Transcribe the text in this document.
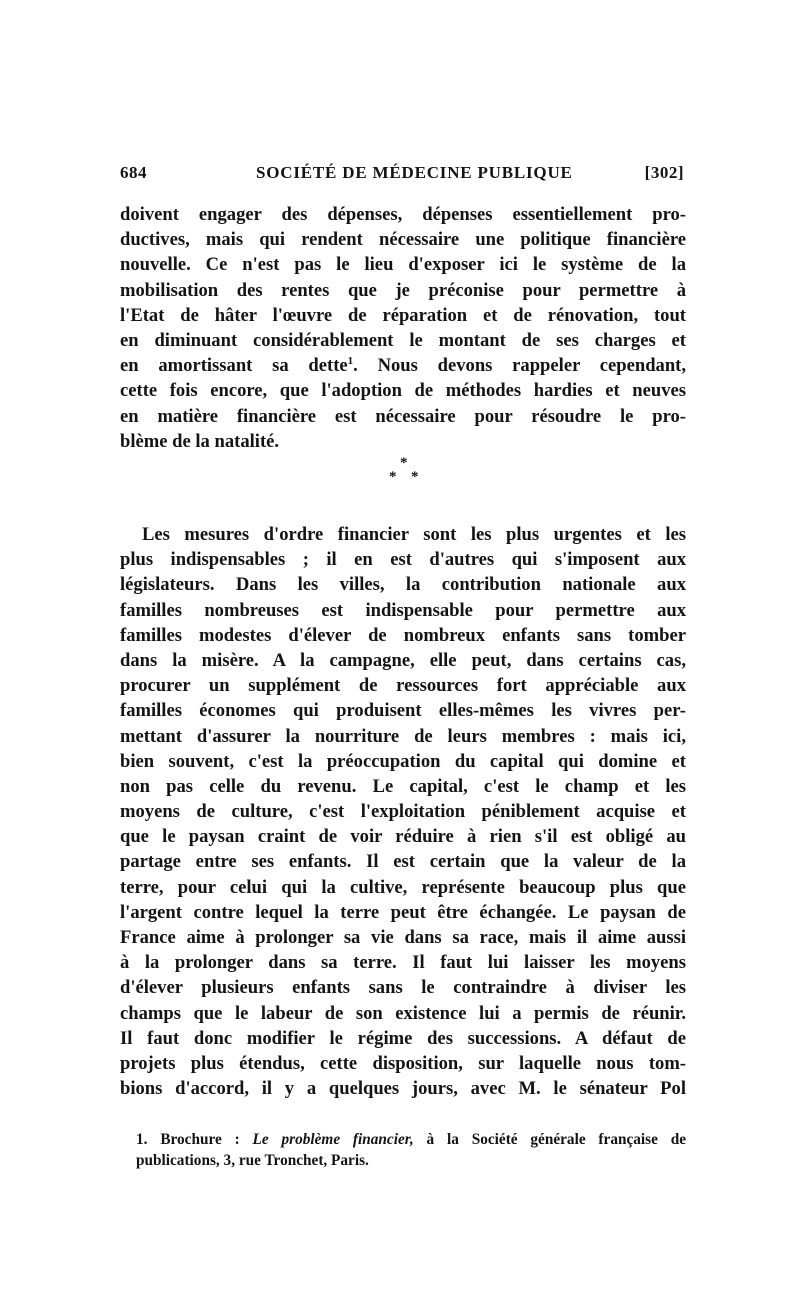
684	SOCIÉTÉ DE MÉDECINE PUBLIQUE	[302]
doivent engager des dépenses, dépenses essentiellement pro-
ductives, mais qui rendent nécessaire une politique financière
nouvelle. Ce n'est pas le lieu d'exposer ici le système de la
mobilisation des rentes que je préconise pour permettre à
l'Etat de hâter l'œuvre de réparation et de rénovation, tout
en diminuant considérablement le montant de ses charges et
en amortissant sa dette$^1$. Nous devons rappeler cependant,
cette fois encore, que l'adoption de méthodes hardies et neuves
en matière financière est nécessaire pour résoudre le pro-
blème de la natalité.
*
* *
Les mesures d'ordre financier sont les plus urgentes et les
plus indispensables ; il en est d'autres qui s'imposent aux
législateurs. Dans les villes, la contribution nationale aux
familles nombreuses est indispensable pour permettre aux
familles modestes d'élever de nombreux enfants sans tomber
dans la misère. A la campagne, elle peut, dans certains cas,
procurer un supplément de ressources fort appréciable aux
familles économes qui produisent elles-mêmes les vivres per-
mettant d'assurer la nourriture de leurs membres : mais ici,
bien souvent, c'est la préoccupation du capital qui domine et
non pas celle du revenu. Le capital, c'est le champ et les
moyens de culture, c'est l'exploitation péniblement acquise et
que le paysan craint de voir réduire à rien s'il est obligé au
partage entre ses enfants. Il est certain que la valeur de la
terre, pour celui qui la cultive, représente beaucoup plus que
l'argent contre lequel la terre peut être échangée. Le paysan de
France aime à prolonger sa vie dans sa race, mais il aime aussi
à la prolonger dans sa terre. Il faut lui laisser les moyens
d'élever plusieurs enfants sans le contraindre à diviser les
champs que le labeur de son existence lui a permis de réunir.
Il faut donc modifier le régime des successions. A défaut de
projets plus étendus, cette disposition, sur laquelle nous tom-
bions d'accord, il y a quelques jours, avec M. le sénateur Pol
1. Brochure : Le problème financier, à la Société générale française de
publications, 3, rue Tronchet, Paris.
